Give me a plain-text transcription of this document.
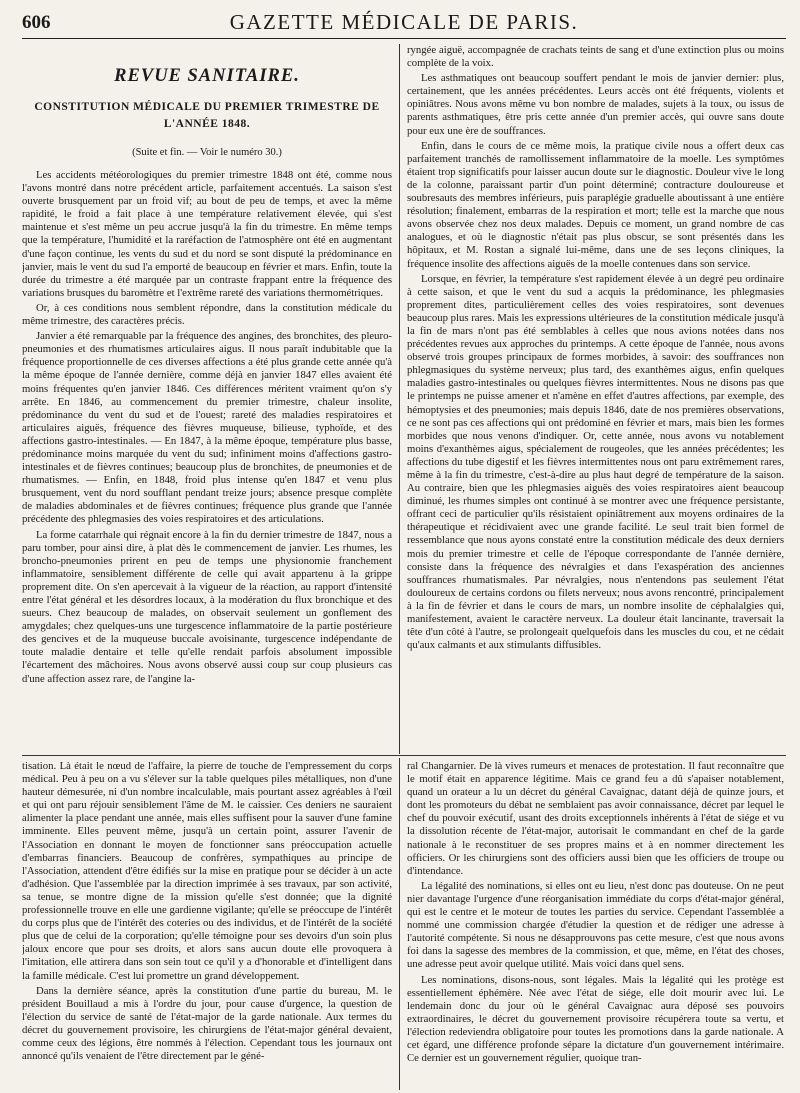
606	GAZETTE MÉDICALE DE PARIS.
REVUE SANITAIRE.
CONSTITUTION MÉDICALE DU PREMIER TRIMESTRE DE
L'ANNÉE 1848.
(Suite et fin. — Voir le numéro 30.)

Les accidents météorologiques du premier trimestre 1848 ont été, comme nous l'avons montré dans notre précédent article, parfaitement accentués. La saison s'est ouverte brusquement par un froid vif; au bout de peu de temps, et avec la même rapidité, le froid a fait place à une température relativement élevée, qui s'est maintenue et s'est même un peu accrue jusqu'à la fin du trimestre. En même temps que la température, l'humidité et la raréfaction de l'atmosphère ont été en augmentant d'une façon continue, les vents du sud et du nord se sont disputé la prédominance en janvier, mais le vent du sud l'a emporté de beaucoup en février et mars. Enfin, toute la durée du trimestre a été marquée par un contraste frappant entre la fréquence des variations brusques du baromètre et l'extrême rareté des variations thermométriques.

Or, à ces conditions nous semblent répondre, dans la constitution médicale du même trimestre, des caractères précis.

Janvier a été remarquable par la fréquence des angines, des bronchites, des pleuro-pneumonies et des rhumatismes articulaires aigus. Il nous paraît indubitable que la fréquence proportionnelle de ces diverses affections a été plus grande cette année qu'à la même époque de l'année dernière, comme déjà en janvier 1847 elles avaient été moins fréquentes qu'en janvier 1846. Ces différences méritent vraiment qu'on s'y arrête. En 1846, au commencement du premier trimestre, chaleur insolite, prédominance du vent du sud et de l'ouest; rareté des maladies respiratoires et articulaires aiguës, fréquence des fièvres muqueuse, bilieuse, typhoïde, et des affections gastro-intestinales. — En 1847, à la même époque, température plus basse, prédominance moins marquée du vent du sud; infiniment moins d'affections gastro-intestinales et de fièvres continues; beaucoup plus de bronchites, de pneumonies et de rhumatismes. — Enfin, en 1848, froid plus intense qu'en 1847 et venu plus brusquement, vent du nord soufflant pendant treize jours; absence presque complète de maladies abdominales et de fièvres continues; fréquence plus grande que l'année précédente des phlegmasies des voies respiratoires et des articulations.

La forme catarrhale qui régnait encore à la fin du dernier trimestre de 1847, nous a paru tomber, pour ainsi dire, à plat dès le commencement de janvier. Les rhumes, les broncho-pneumonies prirent en peu de temps une physionomie franchement inflammatoire, sensiblement différente de celle qui avait appartenu à la grippe proprement dite. On s'en apercevait à la vigueur de la réaction, au rapport d'intensité entre l'état général et les désordres locaux, à la modération du flux bronchique et des sueurs. Chez beaucoup de malades, on observait seulement un gonflement des amygdales; chez quelques-uns une turgescence inflammatoire de la partie postérieure des gencives et de la muqueuse buccale avoisinante, turgescence indépendante de toute maladie dentaire et telle qu'elle rendait parfois absolument impossible l'écartement des mâchoires. Nous avons observé aussi coup sur coup plusieurs cas d'une affection assez rare, de l'angine la-

ryngée aiguë, accompagnée de crachats teints de sang et d'une extinction plus ou moins complète de la voix.

Les asthmatiques ont beaucoup souffert pendant le mois de janvier dernier: plus, certainement, que les années précédentes. Leurs accès ont été fréquents, violents et opiniâtres. Nous avons même vu bon nombre de malades, sujets à la toux, ou issus de parents asthmatiques, être pris cette année d'un premier accès, qui ouvre sans doute pour eux une ère de souffrances.

Enfin, dans le cours de ce même mois, la pratique civile nous a offert deux cas parfaitement tranchés de ramollissement inflammatoire de la moelle. Les symptômes étaient trop significatifs pour laisser aucun doute sur le diagnostic. Douleur vive le long de la colonne, paraissant partir d'un point déterminé; contracture douloureuse et soubresauts des membres inférieurs, puis paraplégie graduelle aboutissant à une entière résolution; finalement, embarras de la respiration et mort; telle est la marche que nous avons observée chez nos deux malades. Depuis ce moment, un grand nombre de cas analogues, et où le diagnostic n'était pas plus obscur, se sont présentés dans les hôpitaux, et M. Rostan a signalé lui-même, dans une de ses leçons cliniques, la fréquence insolite des affections aiguës de la moelle contenues dans son service.

Lorsque, en février, la température s'est rapidement élevée à un degré peu ordinaire à cette saison, et que le vent du sud a acquis la prédominance, les phlegmasies proprement dites, particulièrement celles des voies respiratoires, sont devenues beaucoup plus rares. Mais les expressions ultérieures de la constitution médicale jusqu'à la fin de mars n'ont pas été semblables à celles que nous avions notées dans nos précédentes revues aux approches du printemps. A cette époque de l'année, nous avons observé trois groupes principaux de formes morbides, à savoir: des souffrances non phlegmasiques du système nerveux; plus tard, des exanthèmes aigus, enfin quelques maladies gastro-intestinales ou quelques fièvres intermittentes. Nous ne disons pas que le printemps ne puisse amener et n'amène en effet d'autres affections, par exemple, des hémoptysies et des pneumonies; mais depuis 1846, date de nos premières observations, ce ne sont pas ces affections qui ont prédominé en février et mars, mais bien les formes morbides que nous venons d'indiquer. Or, cette année, nous avons vu notablement moins d'exanthèmes aigus, spécialement de rougeoles, que les années précédentes; les affections du tube digestif et les fièvres intermittentes nous ont paru extrêmement rares, même à la fin du trimestre, c'est-à-dire au plus haut degré de température de la saison. Au contraire, bien que les phlegmasies aiguës des voies respiratoires aient beaucoup diminué, les rhumes simples ont continué à se montrer avec une fréquence persistante, offrant ceci de particulier qu'ils résistaient opiniâtrement aux moyens ordinaires de la thérapeutique et récidivaient avec une grande facilité. Le seul trait bien formel de ressemblance que nous ayons constaté entre la constitution médicale des deux derniers mois du premier trimestre et celle de l'époque correspondante de l'année dernière, consiste dans la fréquence des névralgies et dans l'exaspération des anciennes souffrances rhumatismales. Par névralgies, nous n'entendons pas seulement l'état douloureux de certains cordons ou filets nerveux; nous avons rencontré, principalement à la fin de février et dans le cours de mars, un nombre insolite de céphalalgies qui, manifestement, avaient le caractère nerveux. La douleur était lancinante, traversait la tête d'un côté à l'autre, se prolongeait quelquefois dans les muscles du cou, et ne cédait qu'aux calmants et aux stimulants diffusibles.

tisation. Là était le nœud de l'affaire, la pierre de touche de l'empressement du corps médical. Peu à peu on a vu s'élever sur la table quelques piles métalliques, non d'une hauteur démesurée, ni d'un nombre incalculable, mais pourtant assez agréables à l'œil et qui ont paru réjouir sensiblement l'âme de M. le caissier. Ces deniers ne sauraient alimenter la place pendant une année, mais elles suffisent pour la sauver d'une famine imminente. Elles peuvent même, jusqu'à un certain point, assurer l'avenir de l'Association en donnant le moyen de fonctionner sans préoccupation actuelle d'embarras financiers. Beaucoup de confrères, sympathiques au principe de l'Association, attendent d'être édifiés sur la mise en pratique pour se décider à un acte d'adhésion. Que l'assemblée par la direction imprimée à ses travaux, par son activité, sa tenue, se montre digne de la mission qu'elle s'est donnée; que la dignité professionnelle trouve en elle une gardienne vigilante; qu'elle se préoccupe de l'intérêt du corps plus que de l'intérêt des coteries ou des individus, et de l'intérêt de la société plus que de celui de la corporation; qu'elle témoigne pour ses devoirs d'un soin plus jaloux encore que pour ses droits, et alors sans aucun doute elle provoquera à l'imitation, elle attirera dans son sein tout ce qu'il y a d'honorable et d'intelligent dans la famille médicale. C'est lui promettre un grand développement.

Dans la dernière séance, après la constitution d'une partie du bureau, M. le président Bouillaud a mis à l'ordre du jour, pour cause d'urgence, la question de l'élection du service de santé de l'état-major de la garde nationale. Aux termes du décret du gouvernement provisoire, les chirurgiens de l'état-major général devaient, comme ceux des légions, être nommés à l'élection. Cependant tous les journaux ont annoncé qu'ils venaient de l'être directement par le géné-

ral Changarnier. De là vives rumeurs et menaces de protestation. Il faut reconnaître que le motif était en apparence légitime. Mais ce grand feu a dû s'apaiser notablement, quand un orateur a lu un décret du général Cavaignac, datant déjà de quinze jours, et dont les promoteurs du débat ne semblaient pas avoir connaissance, décret par lequel le chef du pouvoir exécutif, usant des droits exceptionnels inhérents à l'état de siége et vu la dissolution récente de l'état-major, autorisait le commandant en chef de la garde nationale à le reconstituer de ses propres mains et à en nommer directement les officiers. Or les chirurgiens sont des officiers aussi bien que les officiers de troupe ou d'intendance.

La légalité des nominations, si elles ont eu lieu, n'est donc pas douteuse. On ne peut nier davantage l'urgence d'une réorganisation immédiate du corps d'état-major général, qui est le centre et le moteur de toutes les parties du service. Cependant l'assemblée a nommé une commission chargée d'étudier la question et de rédiger une adresse à l'autorité compétente. Si nous ne désapprouvons pas cette mesure, c'est que nous avons foi dans la sagesse des membres de la commission, et que, même, en l'état des choses, une adresse peut avoir quelque utilité. Mais voici dans quel sens.

Les nominations, disons-nous, sont légales. Mais la légalité qui les protège est essentiellement éphémère. Née avec l'état de siége, elle doit mourir avec lui. Le lendemain donc du jour où le général Cavaignac aura déposé ses pouvoirs extraordinaires, le décret du gouvernement provisoire récupérera toute sa vertu, et l'élection redeviendra obligatoire pour toutes les promotions dans la garde nationale. A cet égard, une différence profonde sépare la dictature d'un gouvernement intérimaire. Ce dernier est un gouvernement régulier, quoique tran-
